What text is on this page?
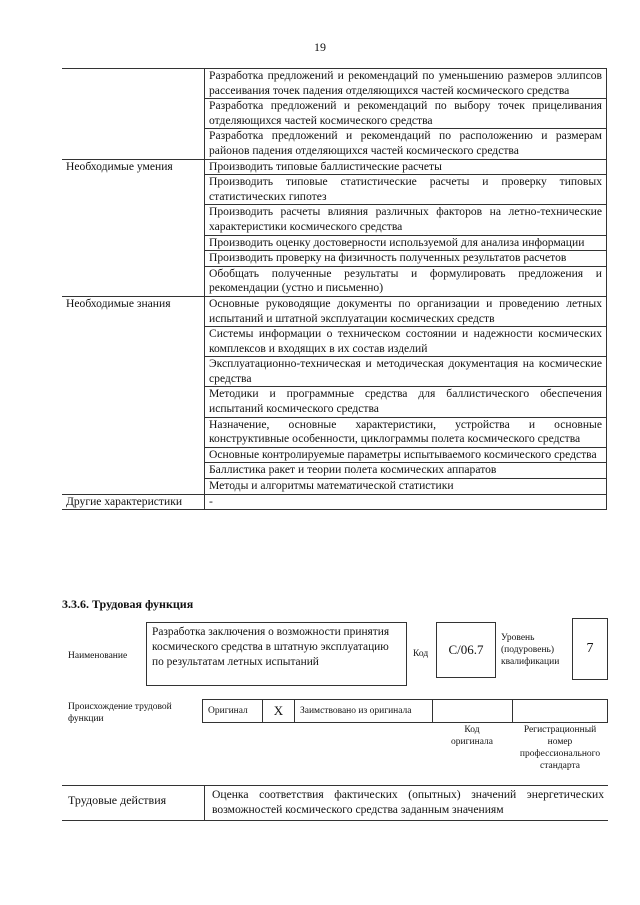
19
	Разработка предложений и рекомендаций по уменьшению размеров эллипсов рассеивания точек падения отделяющихся частей космического средства
	Разработка предложений и рекомендаций по выбору точек прицеливания отделяющихся частей космического средства
	Разработка предложений и рекомендаций по расположению и размерам районов падения отделяющихся частей космического средства
Необходимые умения	Производить типовые баллистические расчеты
	Производить типовые статистические расчеты и проверку типовых статистических гипотез
	Производить расчеты влияния различных факторов на летно-технические характеристики космического средства
	Производить оценку достоверности используемой для анализа информации
	Производить проверку на физичность полученных результатов расчетов
	Обобщать полученные результаты и формулировать предложения и рекомендации (устно и письменно)
Необходимые знания	Основные руководящие документы по организации и проведению летных испытаний и штатной эксплуатации космических средств
	Системы информации о техническом состоянии и надежности космических комплексов и входящих в их состав изделий
	Эксплуатационно-техническая и методическая документация на космические средства
	Методики и программные средства для баллистического обеспечения испытаний космического средства
	Назначение, основные характеристики, устройства и основные конструктивные особенности, циклограммы полета космического средства
	Основные контролируемые параметры испытываемого космического средства
	Баллистика ракет и теории полета космических аппаратов
	Методы и алгоритмы математической статистики
Другие характеристики	-
3.3.6. Трудовая функция
Наименование
Разработка заключения о возможности принятия космического средства в штатную эксплуатацию по результатам летных испытаний
Код	С/06.7
Уровень (подуровень) квалификации
7
Происхождение трудовой функции
Оригинал	X	Заимствовано из оригинала
Код оригинала
Регистрационный номер профессионального стандарта
Трудовые действия	Оценка соответствия фактических (опытных) значений энергетических возможностей космического средства заданным значениям
